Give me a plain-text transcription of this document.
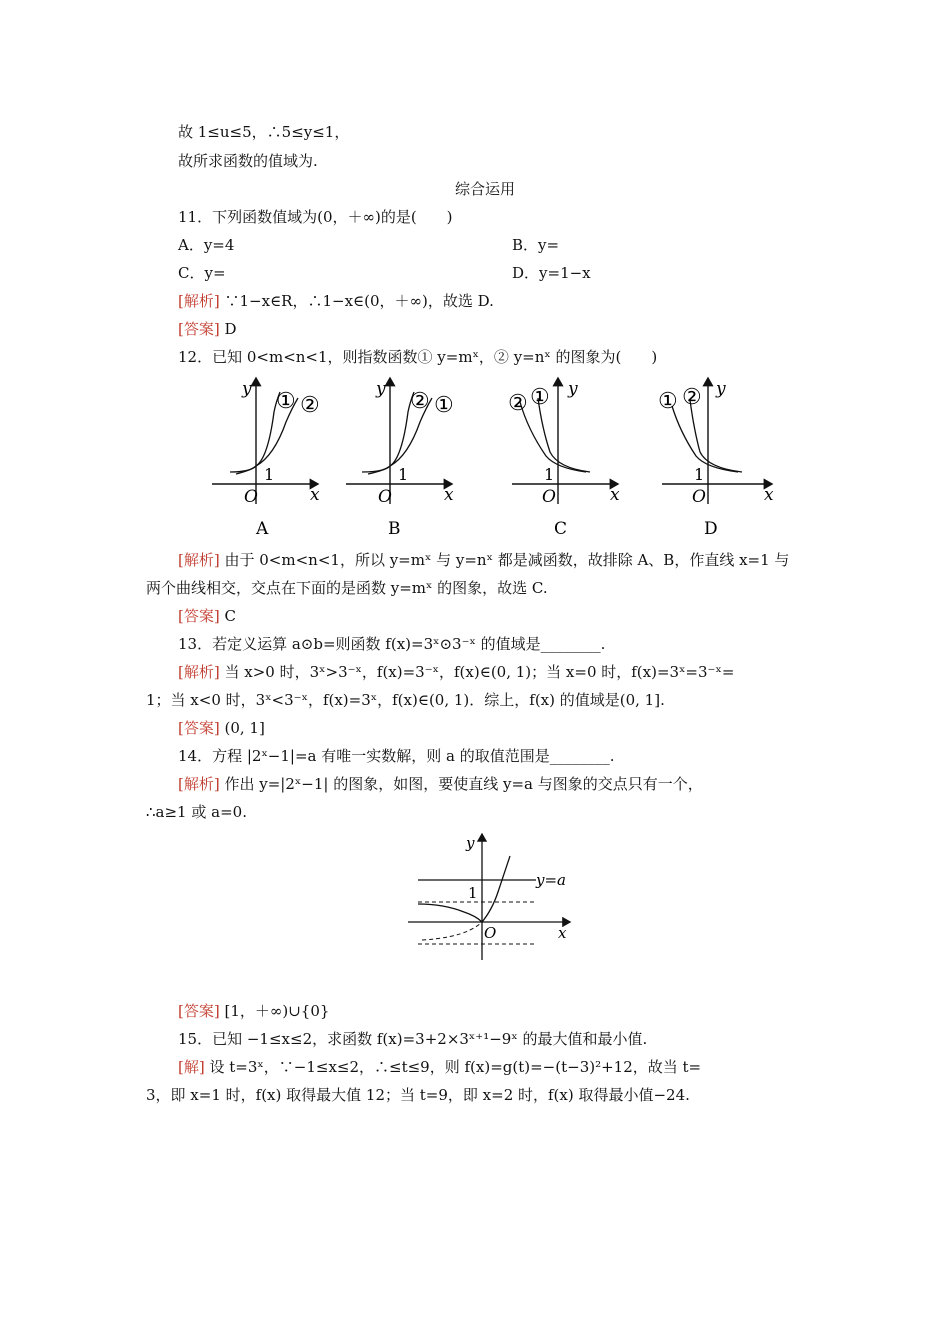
故 1≤u≤5，∴5≤y≤1，
故所求函数的值域为.
综合运用
11．下列函数值域为(0，＋∞)的是(　　)
A．y=4	B．y=
C．y=	D．y=1−x
[解析] ∵1−x∈R，∴1−x∈(0，＋∞)，故选 D.
[答案] D
12．已知 0<m<n<1，则指数函数① y=mˣ，② y=nˣ 的图象为(　　)
y
x
O
1
① ②
y
x
O
1
② ①
y
x
O
1
② ①	y
x
O
1
① ②
A	B	C	D
[解析] 由于 0<m<n<1，所以 y=mˣ 与 y=nˣ 都是减函数，故排除 A、B，作直线 x=1 与
两个曲线相交，交点在下面的是函数 y=mˣ 的图象，故选 C.
[答案] C
13．若定义运算 a⊙b=则函数 f(x)=3ˣ⊙3⁻ˣ 的值域是________.
[解析] 当 x>0 时，3ˣ>3⁻ˣ，f(x)=3⁻ˣ，f(x)∈(0, 1)；当 x=0 时，f(x)=3ˣ=3⁻ˣ=
1；当 x<0 时，3ˣ<3⁻ˣ，f(x)=3ˣ，f(x)∈(0, 1)．综上，f(x) 的值域是(0, 1].
[答案] (0, 1]
14．方程 |2ˣ−1|=a 有唯一实数解，则 a 的取值范围是________.
[解析] 作出 y=|2ˣ−1| 的图象，如图，要使直线 y=a 与图象的交点只有一个，
∴a≥1 或 a=0.
y
x
O
1
y=a
[答案] [1，＋∞)∪{0}
15．已知 −1≤x≤2，求函数 f(x)=3+2×3ˣ⁺¹−9ˣ 的最大值和最小值.
[解] 设 t=3ˣ，∵−1≤x≤2，∴≤t≤9，则 f(x)=g(t)=−(t−3)²+12，故当 t=
3，即 x=1 时，f(x) 取得最大值 12；当 t=9，即 x=2 时，f(x) 取得最小值−24.
